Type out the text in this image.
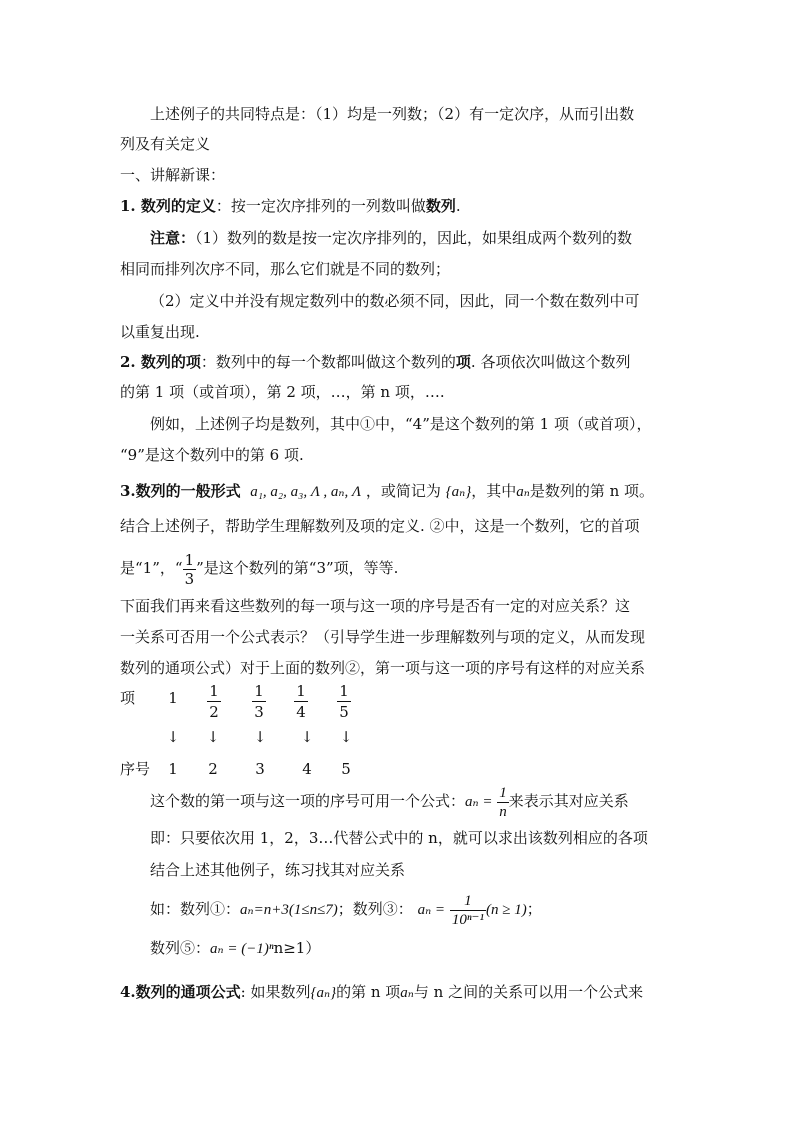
上述例子的共同特点是：（1）均是一列数；（2）有一定次序，从而引出数
列及有关定义
一、讲解新课：
1. 数列的定义：按一定次序排列的一列数叫做数列.
注意：（1）数列的数是按一定次序排列的，因此，如果组成两个数列的数
相同而排列次序不同，那么它们就是不同的数列；
（2）定义中并没有规定数列中的数必须不同，因此，同一个数在数列中可
以重复出现.
2. 数列的项：数列中的每一个数都叫做这个数列的项. 各项依次叫做这个数列
的第 1 项（或首项），第 2 项，…，第 n 项，….
例如，上述例子均是数列，其中①中，“4”是这个数列的第 1 项（或首项），
“9”是这个数列中的第 6 项.
3.数列的一般形式 a₁, a₂, a₃, Λ , aₙ, Λ ，或简记为 {aₙ}，其中aₙ是数列的第 n 项。
结合上述例子，帮助学生理解数列及项的定义. ②中，这是一个数列，它的首项
是“1”，“ $\frac{1}{3}$ ”是这个数列的第“3”项，等等.
下面我们再来看这些数列的每一项与这一项的序号是否有一定的对应关系？这
一关系可否用一个公式表示？（引导学生进一步理解数列与项的定义，从而发现
数列的通项公式）对于上面的数列②，第一项与这一项的序号有这样的对应关系
项	1	$\frac{1}{2} \frac{1}{3} \frac{1}{4} \frac{1}{5}$
↓	↓	↓	↓	↓
序号	1	2	3	4	5
这个数的第一项与这一项的序号可用一个公式：$a_n = \frac{1}{n}$ 来表示其对应关系
即：只要依次用 1，2，3…代替公式中的 n，就可以求出该数列相应的各项
结合上述其他例子，练习找其对应关系
如：数列①：aₙ=n+3(1≤n≤7)；数列③： $a_n = \frac{1}{\text{10ⁿ⁻¹}} (n \ge 1)$；
数列⑤：aₙ = (−1)ⁿn≥1）
4.数列的通项公式: 如果数列{aₙ}的第 n 项aₙ与 n 之间的关系可以用一个公式来
